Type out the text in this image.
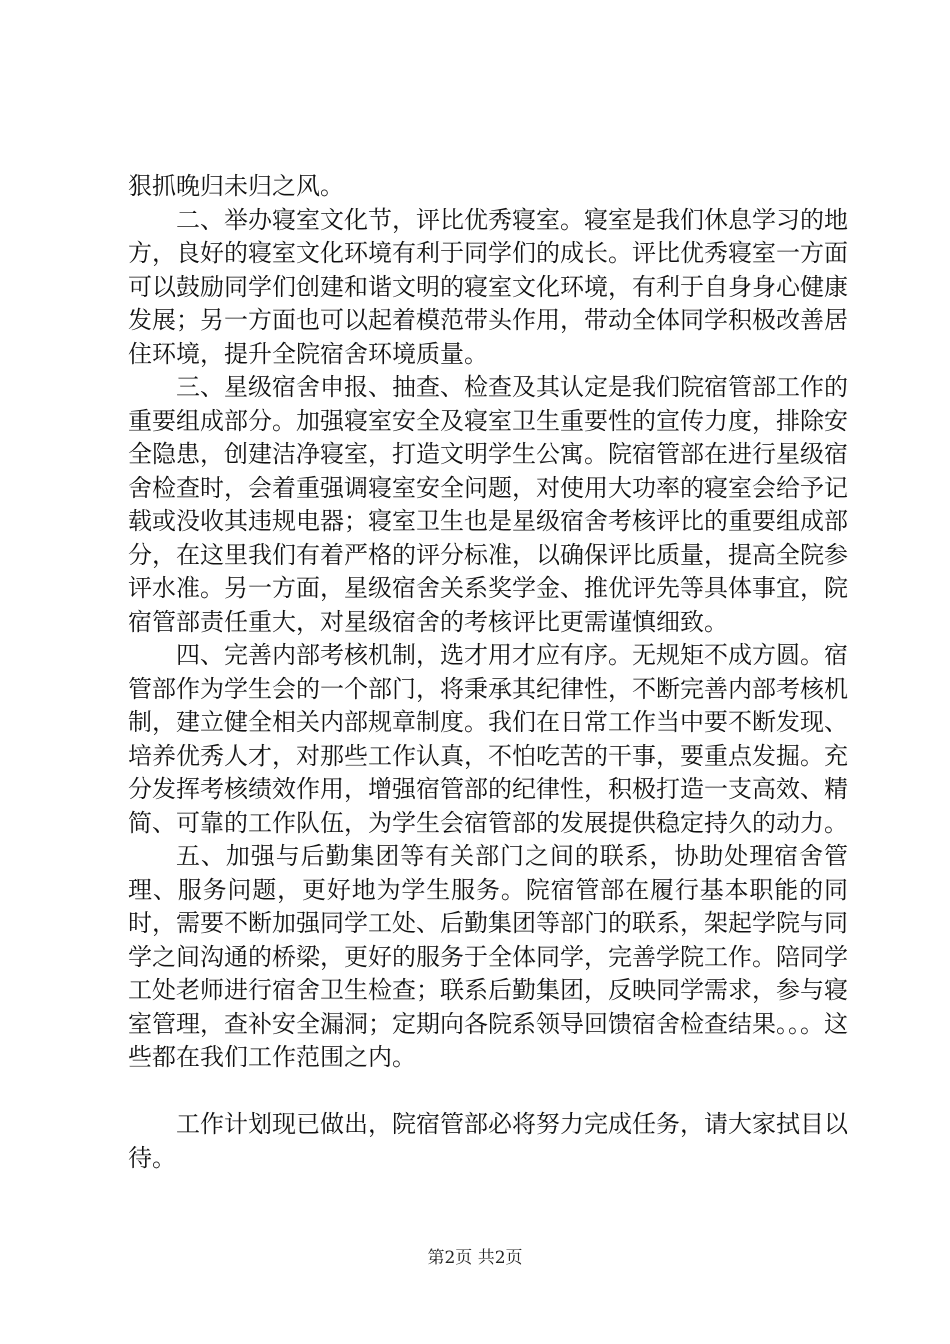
狠抓晚归未归之风。

二、举办寝室文化节，评比优秀寝室。寝室是我们休息学习的地方，良好的寝室文化环境有利于同学们的成长。评比优秀寝室一方面可以鼓励同学们创建和谐文明的寝室文化环境，有利于自身身心健康发展；另一方面也可以起着模范带头作用，带动全体同学积极改善居住环境，提升全院宿舍环境质量。

三、星级宿舍申报、抽查、检查及其认定是我们院宿管部工作的重要组成部分。加强寝室安全及寝室卫生重要性的宣传力度，排除安全隐患，创建洁净寝室，打造文明学生公寓。院宿管部在进行星级宿舍检查时，会着重强调寝室安全问题，对使用大功率的寝室会给予记载或没收其违规电器；寝室卫生也是星级宿舍考核评比的重要组成部分，在这里我们有着严格的评分标准，以确保评比质量，提高全院参评水准。另一方面，星级宿舍关系奖学金、推优评先等具体事宜，院宿管部责任重大，对星级宿舍的考核评比更需谨慎细致。

四、完善内部考核机制，选才用才应有序。无规矩不成方圆。宿管部作为学生会的一个部门，将秉承其纪律性，不断完善内部考核机制，建立健全相关内部规章制度。我们在日常工作当中要不断发现、培养优秀人才，对那些工作认真，不怕吃苦的干事，要重点发掘。充分发挥考核绩效作用，增强宿管部的纪律性，积极打造一支高效、精简、可靠的工作队伍，为学生会宿管部的发展提供稳定持久的动力。

五、加强与后勤集团等有关部门之间的联系，协助处理宿舍管理、服务问题，更好地为学生服务。院宿管部在履行基本职能的同时，需要不断加强同学工处、后勤集团等部门的联系，架起学院与同学之间沟通的桥梁，更好的服务于全体同学，完善学院工作。陪同学工处老师进行宿舍卫生检查；联系后勤集团，反映同学需求，参与寝室管理，查补安全漏洞；定期向各院系领导回馈宿舍检查结果。。。这些都在我们工作范围之内。

工作计划现已做出，院宿管部必将努力完成任务，请大家拭目以待。

第2页 共2页
